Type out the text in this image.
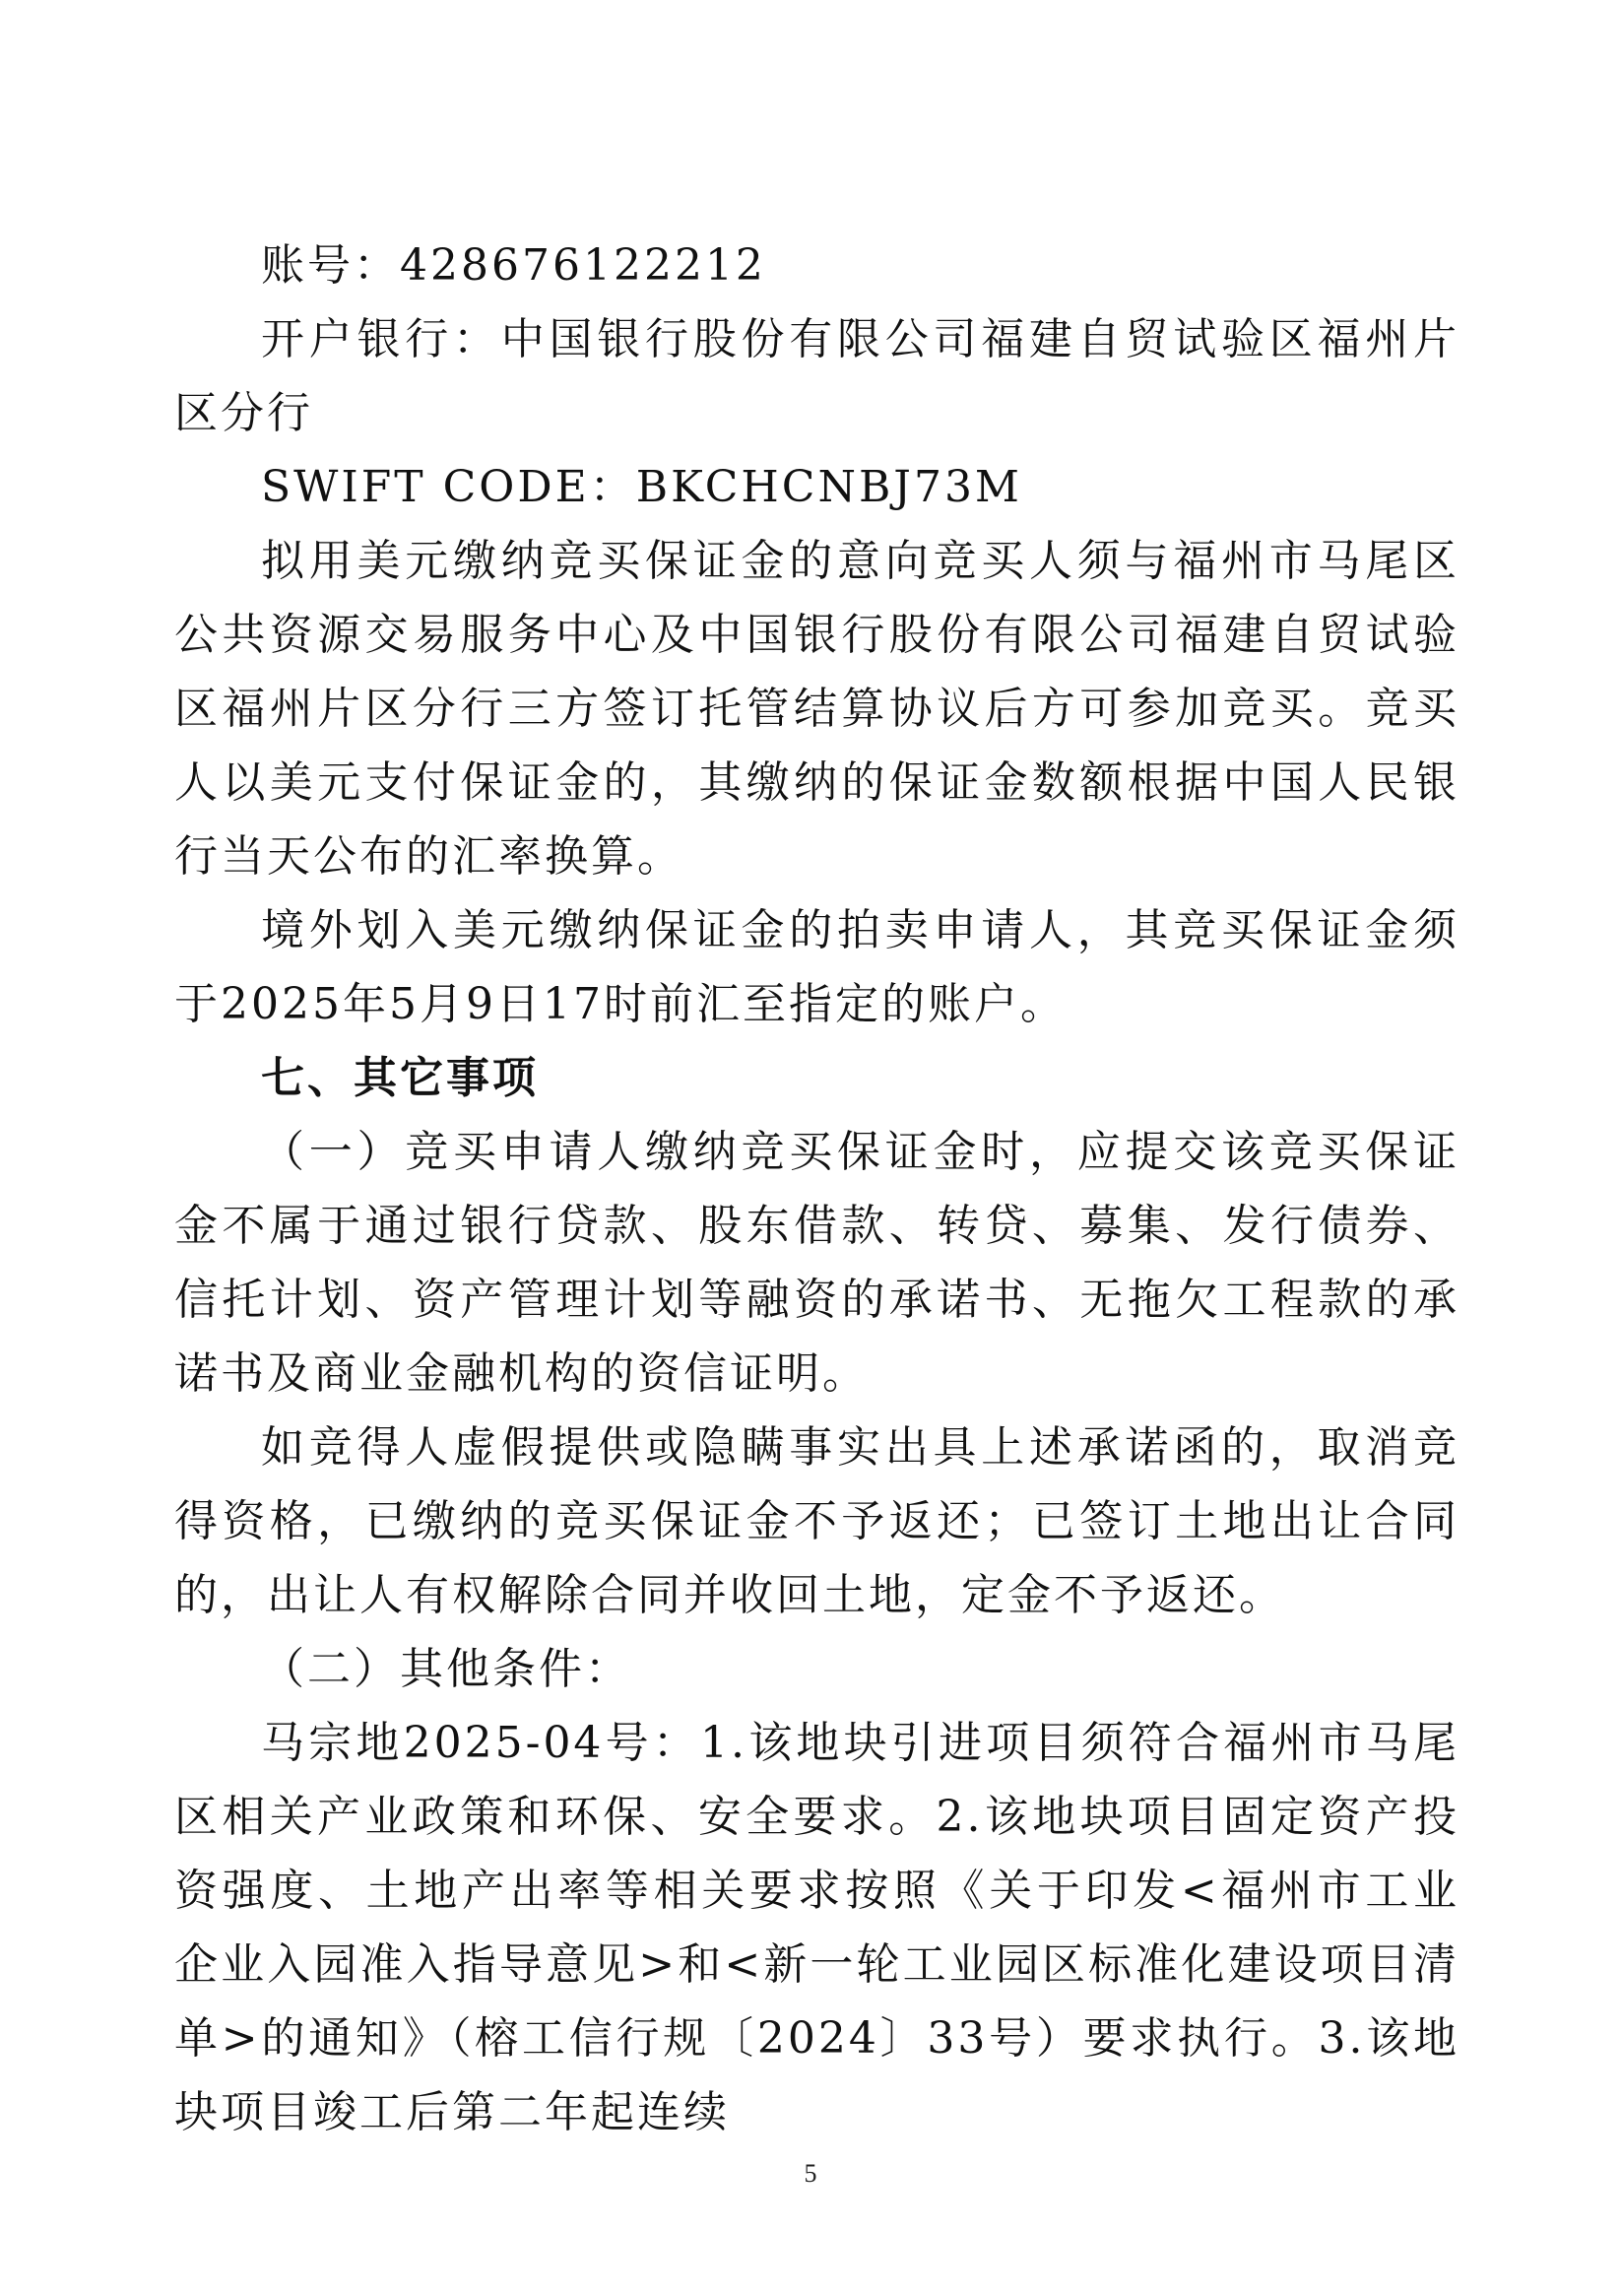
账号：428676122212

开户银行：中国银行股份有限公司福建自贸试验区福州片区分行

SWIFT CODE：BKCHCNBJ73M

拟用美元缴纳竞买保证金的意向竞买人须与福州市马尾区公共资源交易服务中心及中国银行股份有限公司福建自贸试验区福州片区分行三方签订托管结算协议后方可参加竞买。竞买人以美元支付保证金的，其缴纳的保证金数额根据中国人民银行当天公布的汇率换算。

境外划入美元缴纳保证金的拍卖申请人，其竞买保证金须于2025年5月9日17时前汇至指定的账户。

七、其它事项

（一）竞买申请人缴纳竞买保证金时，应提交该竞买保证金不属于通过银行贷款、股东借款、转贷、募集、发行债券、信托计划、资产管理计划等融资的承诺书、无拖欠工程款的承诺书及商业金融机构的资信证明。

如竞得人虚假提供或隐瞒事实出具上述承诺函的，取消竞得资格，已缴纳的竞买保证金不予返还；已签订土地出让合同的，出让人有权解除合同并收回土地，定金不予返还。

（二）其他条件：

马宗地2025-04号：1.该地块引进项目须符合福州市马尾区相关产业政策和环保、安全要求。2.该地块项目固定资产投资强度、土地产出率等相关要求按照《关于印发<福州市工业企业入园准入指导意见>和<新一轮工业园区标准化建设项目清单>的通知》（榕工信行规〔2024〕33号）要求执行。3.该地块项目竣工后第二年起连续

5
